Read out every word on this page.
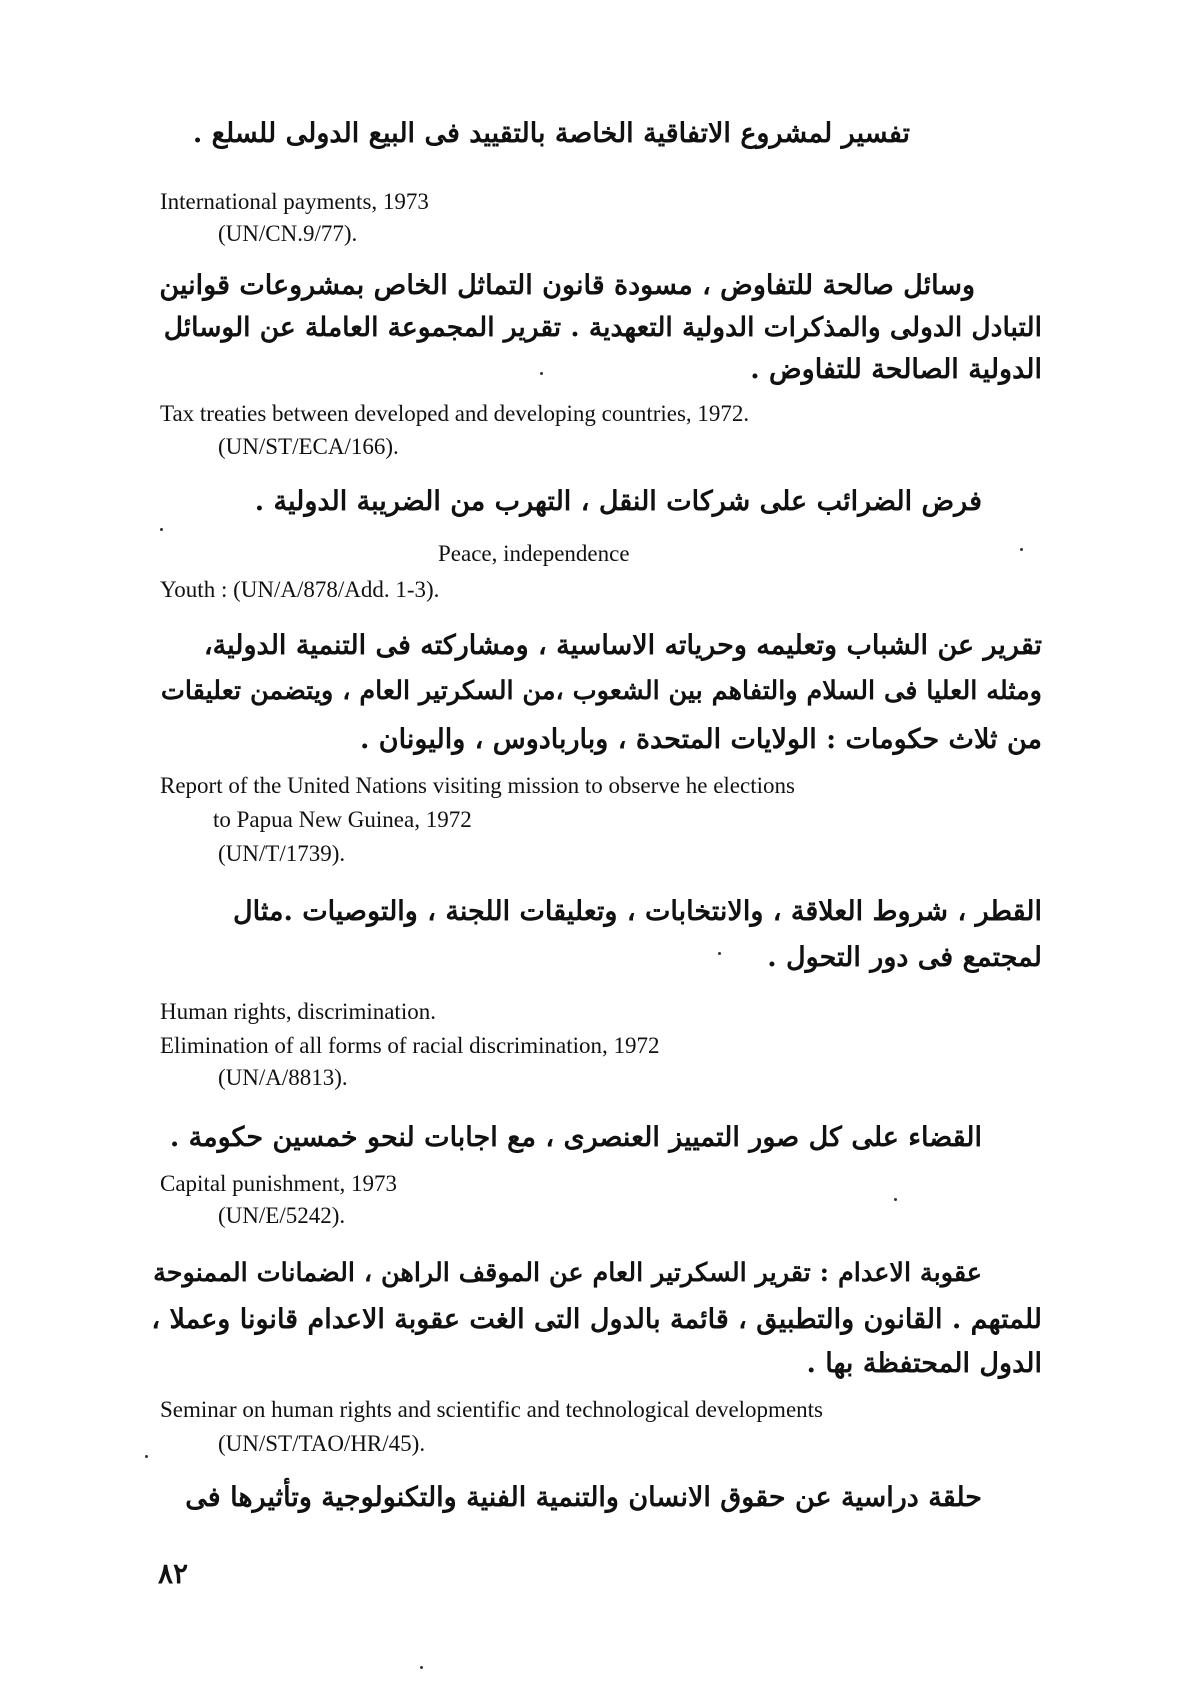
تفسير لمشروع الاتفاقية الخاصة بالتقييد فى البيع الدولى للسلع .
International payments, 1973
(UN/CN.9/77).
وسائل صالحة للتفاوض ، مسودة قانون التماثل الخاص بمشروعات قوانين
التبادل الدولى والمذكرات الدولية التعهدية . تقرير المجموعة العاملة عن الوسائل
الدولية الصالحة للتفاوض .
Tax treaties between developed and developing countries, 1972.
(UN/ST/ECA/166).
فرض الضرائب على شركات النقل ، التهرب من الضريبة الدولية .
Peace, independence
Youth : (UN/A/878/Add. 1-3).
تقرير عن الشباب وتعليمه وحرياته الاساسية ، ومشاركته فى التنمية الدولية،
ومثله العليا فى السلام والتفاهم بين الشعوب ،من السكرتير العام ، ويتضمن تعليقات
من ثلاث حكومات : الولايات المتحدة ، وباربادوس ، واليونان .
Report of the United Nations visiting mission to observe he elections
to Papua New Guinea, 1972
(UN/T/1739).
القطر ، شروط العلاقة ، والانتخابات ، وتعليقات اللجنة ، والتوصيات .مثال
لمجتمع فى دور التحول .
Human rights, discrimination.
Elimination of all forms of racial discrimination, 1972
(UN/A/8813).
القضاء على كل صور التمييز العنصرى ، مع اجابات لنحو خمسين حكومة .
Capital punishment, 1973
(UN/E/5242).
عقوبة الاعدام : تقرير السكرتير العام عن الموقف الراهن ، الضمانات الممنوحة
للمتهم . القانون والتطبيق ، قائمة بالدول التى الغت عقوبة الاعدام قانونا وعملا ،
الدول المحتفظة بها .
Seminar on human rights and scientific and technological developments
(UN/ST/TAO/HR/45).
حلقة دراسية عن حقوق الانسان والتنمية الفنية والتكنولوجية وتأثيرها فى
٨٢
